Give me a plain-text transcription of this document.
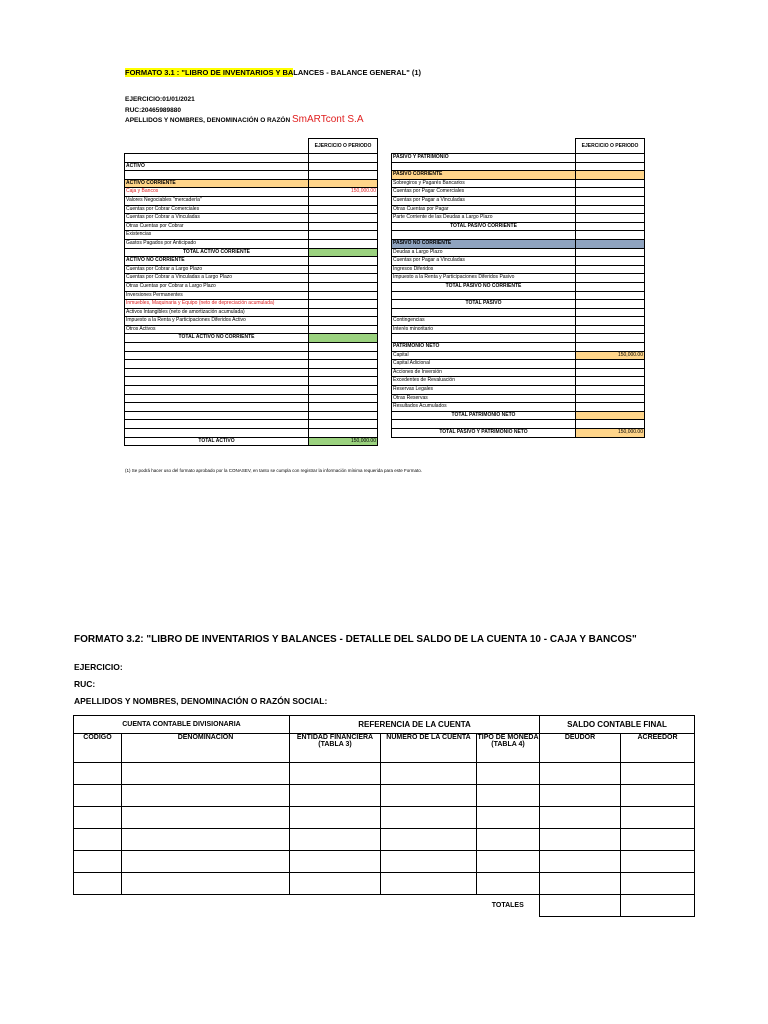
FORMATO 3.1 : "LIBRO DE INVENTARIOS Y BALANCES - BALANCE GENERAL" (1)
EJERCICIO:01/01/2021
RUC:20465989880
APELLIDOS Y NOMBRES, DENOMINACIÓN O RAZÓN SmARTcont S.A
	EJERCICIO O PERIODO

ACTIVO	

ACTIVO CORRIENTE	
Caja y Bancos	150,000.00
Valores Negociables "mercadería"	
Cuentas por Cobrar Comerciales	
Cuentas por Cobrar a Vinculadas	
Otras Cuentas por Cobrar	
Existencias	
Gastos Pagados por Anticipado	
TOTAL ACTIVO CORRIENTE	
ACTIVO NO CORRIENTE	
Cuentas por Cobrar a Largo Plazo	
Cuentas por Cobrar a Vinculadas a Largo Plazo	
Otras Cuentas por Cobrar a Largo Plazo	
Inversiones Permanentes	
Inmuebles, Maquinaria y Equipo (neto de depreciación acumulada)	
Activos Intangibles (neto de amortización acumulada)	
Impuesto a la Renta y Participaciones Diferidos Activo	
Otros Activos	
TOTAL ACTIVO NO CORRIENTE	

TOTAL ACTIVO	150,000.00
	EJERCICIO O PERIODO
PASIVO Y PATRIMONIO	

PASIVO CORRIENTE	
Sobregiros y Pagarés Bancarios	
Cuentas por Pagar Comerciales	
Cuentas por Pagar a Vinculadas	
Otras Cuentas por Pagar	
Parte Corriente de las Deudas a Largo Plazo	
TOTAL PASIVO CORRIENTE	

PASIVO NO CORRIENTE	
Deudas a Largo Plazo	
Cuentas por Pagar a Vinculadas	
Ingresos Diferidos	
Impuesto a la Renta y Participaciones Diferidos Pasivo	
TOTAL PASIVO NO CORRIENTE	

TOTAL PASIVO	

Contingencias	
Interés minoritario	

PATRIMONIO NETO	
Capital	150,000.00
Capital Adicional	
Acciones de Inversión	
Excedentes de Revaluación	
Reservas Legales	
Otras Reservas	
Resultados Acumulados	
TOTAL PATRIMONIO NETO	

TOTAL PASIVO Y PATRIMONIO NETO	150,000.00
(1) Se podrá hacer uso del formato aprobado por la CONASEV, en tanto se cumpla con registrar la información mínima requerida para este Formato.
FORMATO 3.2: "LIBRO DE INVENTARIOS Y BALANCES - DETALLE DEL SALDO DE LA CUENTA 10 - CAJA Y BANCOS"
EJERCICIO:
RUC:
APELLIDOS Y NOMBRES, DENOMINACIÓN O RAZÓN SOCIAL:
CUENTA CONTABLE DIVISIONARIA		REFERENCIA DE LA CUENTA			SALDO CONTABLE FINAL	
CODIGO	DENOMINACION	ENTIDAD FINANCIERA (TABLA 3)	NUMERO DE LA CUENTA	TIPO DE MONEDA (TABLA 4)	DEUDOR	ACREEDOR

				TOTALES		
